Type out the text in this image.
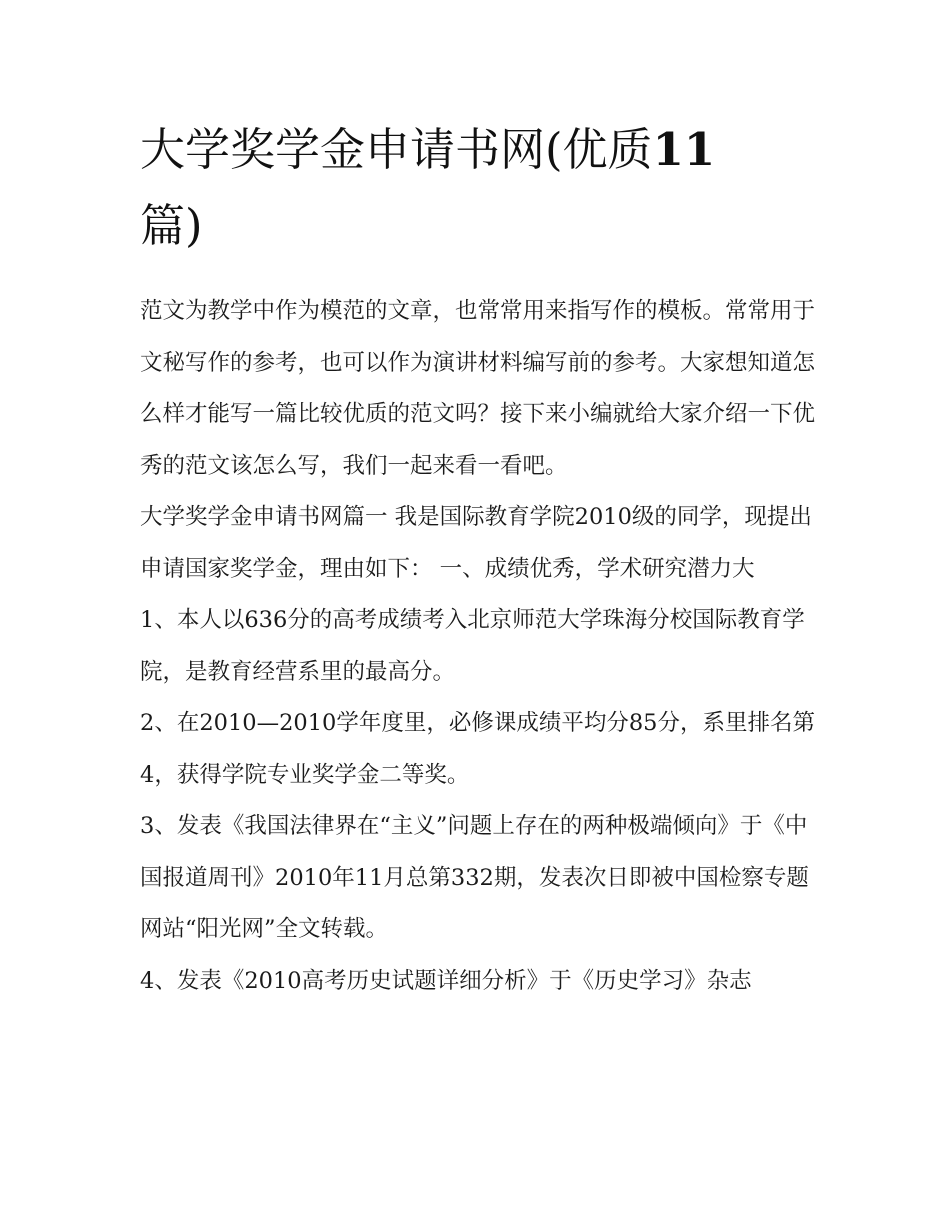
大学奖学金申请书网(优质11
篇)

范文为教学中作为模范的文章，也常常用来指写作的模板。常常用于文秘写作的参考，也可以作为演讲材料编写前的参考。大家想知道怎么样才能写一篇比较优质的范文吗？接下来小编就给大家介绍一下优秀的范文该怎么写，我们一起来看一看吧。

大学奖学金申请书网篇一 我是国际教育学院2010级的同学，现提出申请国家奖学金，理由如下： 一、成绩优秀，学术研究潜力大

1、本人以636分的高考成绩考入北京师范大学珠海分校国际教育学院，是教育经营系里的最高分。

2、在2010—2010学年度里，必修课成绩平均分85分，系里排名第4，获得学院专业奖学金二等奖。

3、发表《我国法律界在“主义”问题上存在的两种极端倾向》于《中国报道周刊》2010年11月总第332期，发表次日即被中国检察专题网站“阳光网”全文转载。

4、发表《2010高考历史试题详细分析》于《历史学习》杂志
